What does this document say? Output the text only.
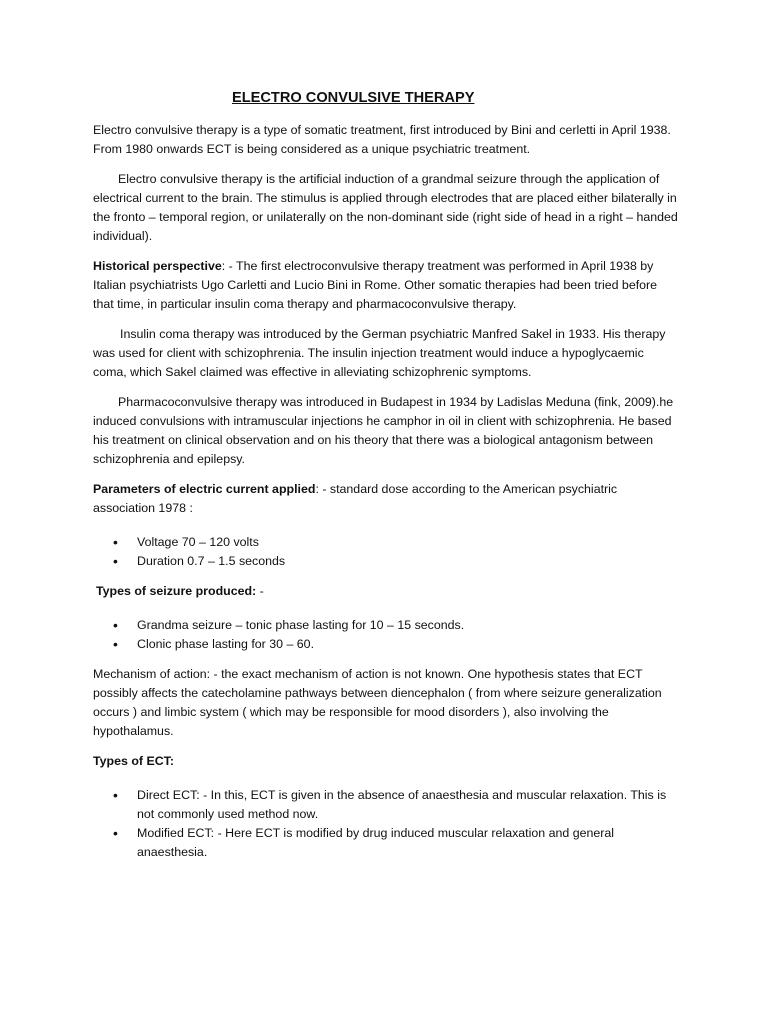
ELECTRO CONVULSIVE THERAPY

Electro convulsive therapy is a type of somatic treatment, first introduced by Bini and cerletti in April 1938. From 1980 onwards ECT is being considered as a unique psychiatric treatment.

Electro convulsive therapy is the artificial induction of a grandmal seizure through the application of electrical current to the brain. The stimulus is applied through electrodes that are placed either bilaterally in the fronto – temporal region, or unilaterally on the non-dominant side (right side of head in a right – handed individual).

Historical perspective: - The first electroconvulsive therapy treatment was performed in April 1938 by Italian psychiatrists Ugo Carletti and Lucio Bini in Rome. Other somatic therapies had been tried before that time, in particular insulin coma therapy and pharmacoconvulsive therapy.

Insulin coma therapy was introduced by the German psychiatric Manfred Sakel in 1933. His therapy was used for client with schizophrenia. The insulin injection treatment would induce a hypoglycaemic coma, which Sakel claimed was effective in alleviating schizophrenic symptoms.

Pharmacoconvulsive therapy was introduced in Budapest in 1934 by Ladislas Meduna (fink, 2009).he induced convulsions with intramuscular injections he camphor in oil in client with schizophrenia. He based his treatment on clinical observation and on his theory that there was a biological antagonism between schizophrenia and epilepsy.

Parameters of electric current applied: - standard dose according to the American psychiatric association 1978 :

• Voltage 70 – 120 volts
• Duration 0.7 – 1.5 seconds

Types of seizure produced: -

• Grandma seizure – tonic phase lasting for 10 – 15 seconds.
• Clonic phase lasting for 30 – 60.

Mechanism of action: - the exact mechanism of action is not known. One hypothesis states that ECT possibly affects the catecholamine pathways between diencephalon ( from where seizure generalization occurs ) and limbic system ( which may be responsible for mood disorders ), also involving the hypothalamus.

Types of ECT:

• Direct ECT: - In this, ECT is given in the absence of anaesthesia and muscular relaxation. This is not commonly used method now.
• Modified ECT: - Here ECT is modified by drug induced muscular relaxation and general anaesthesia.
